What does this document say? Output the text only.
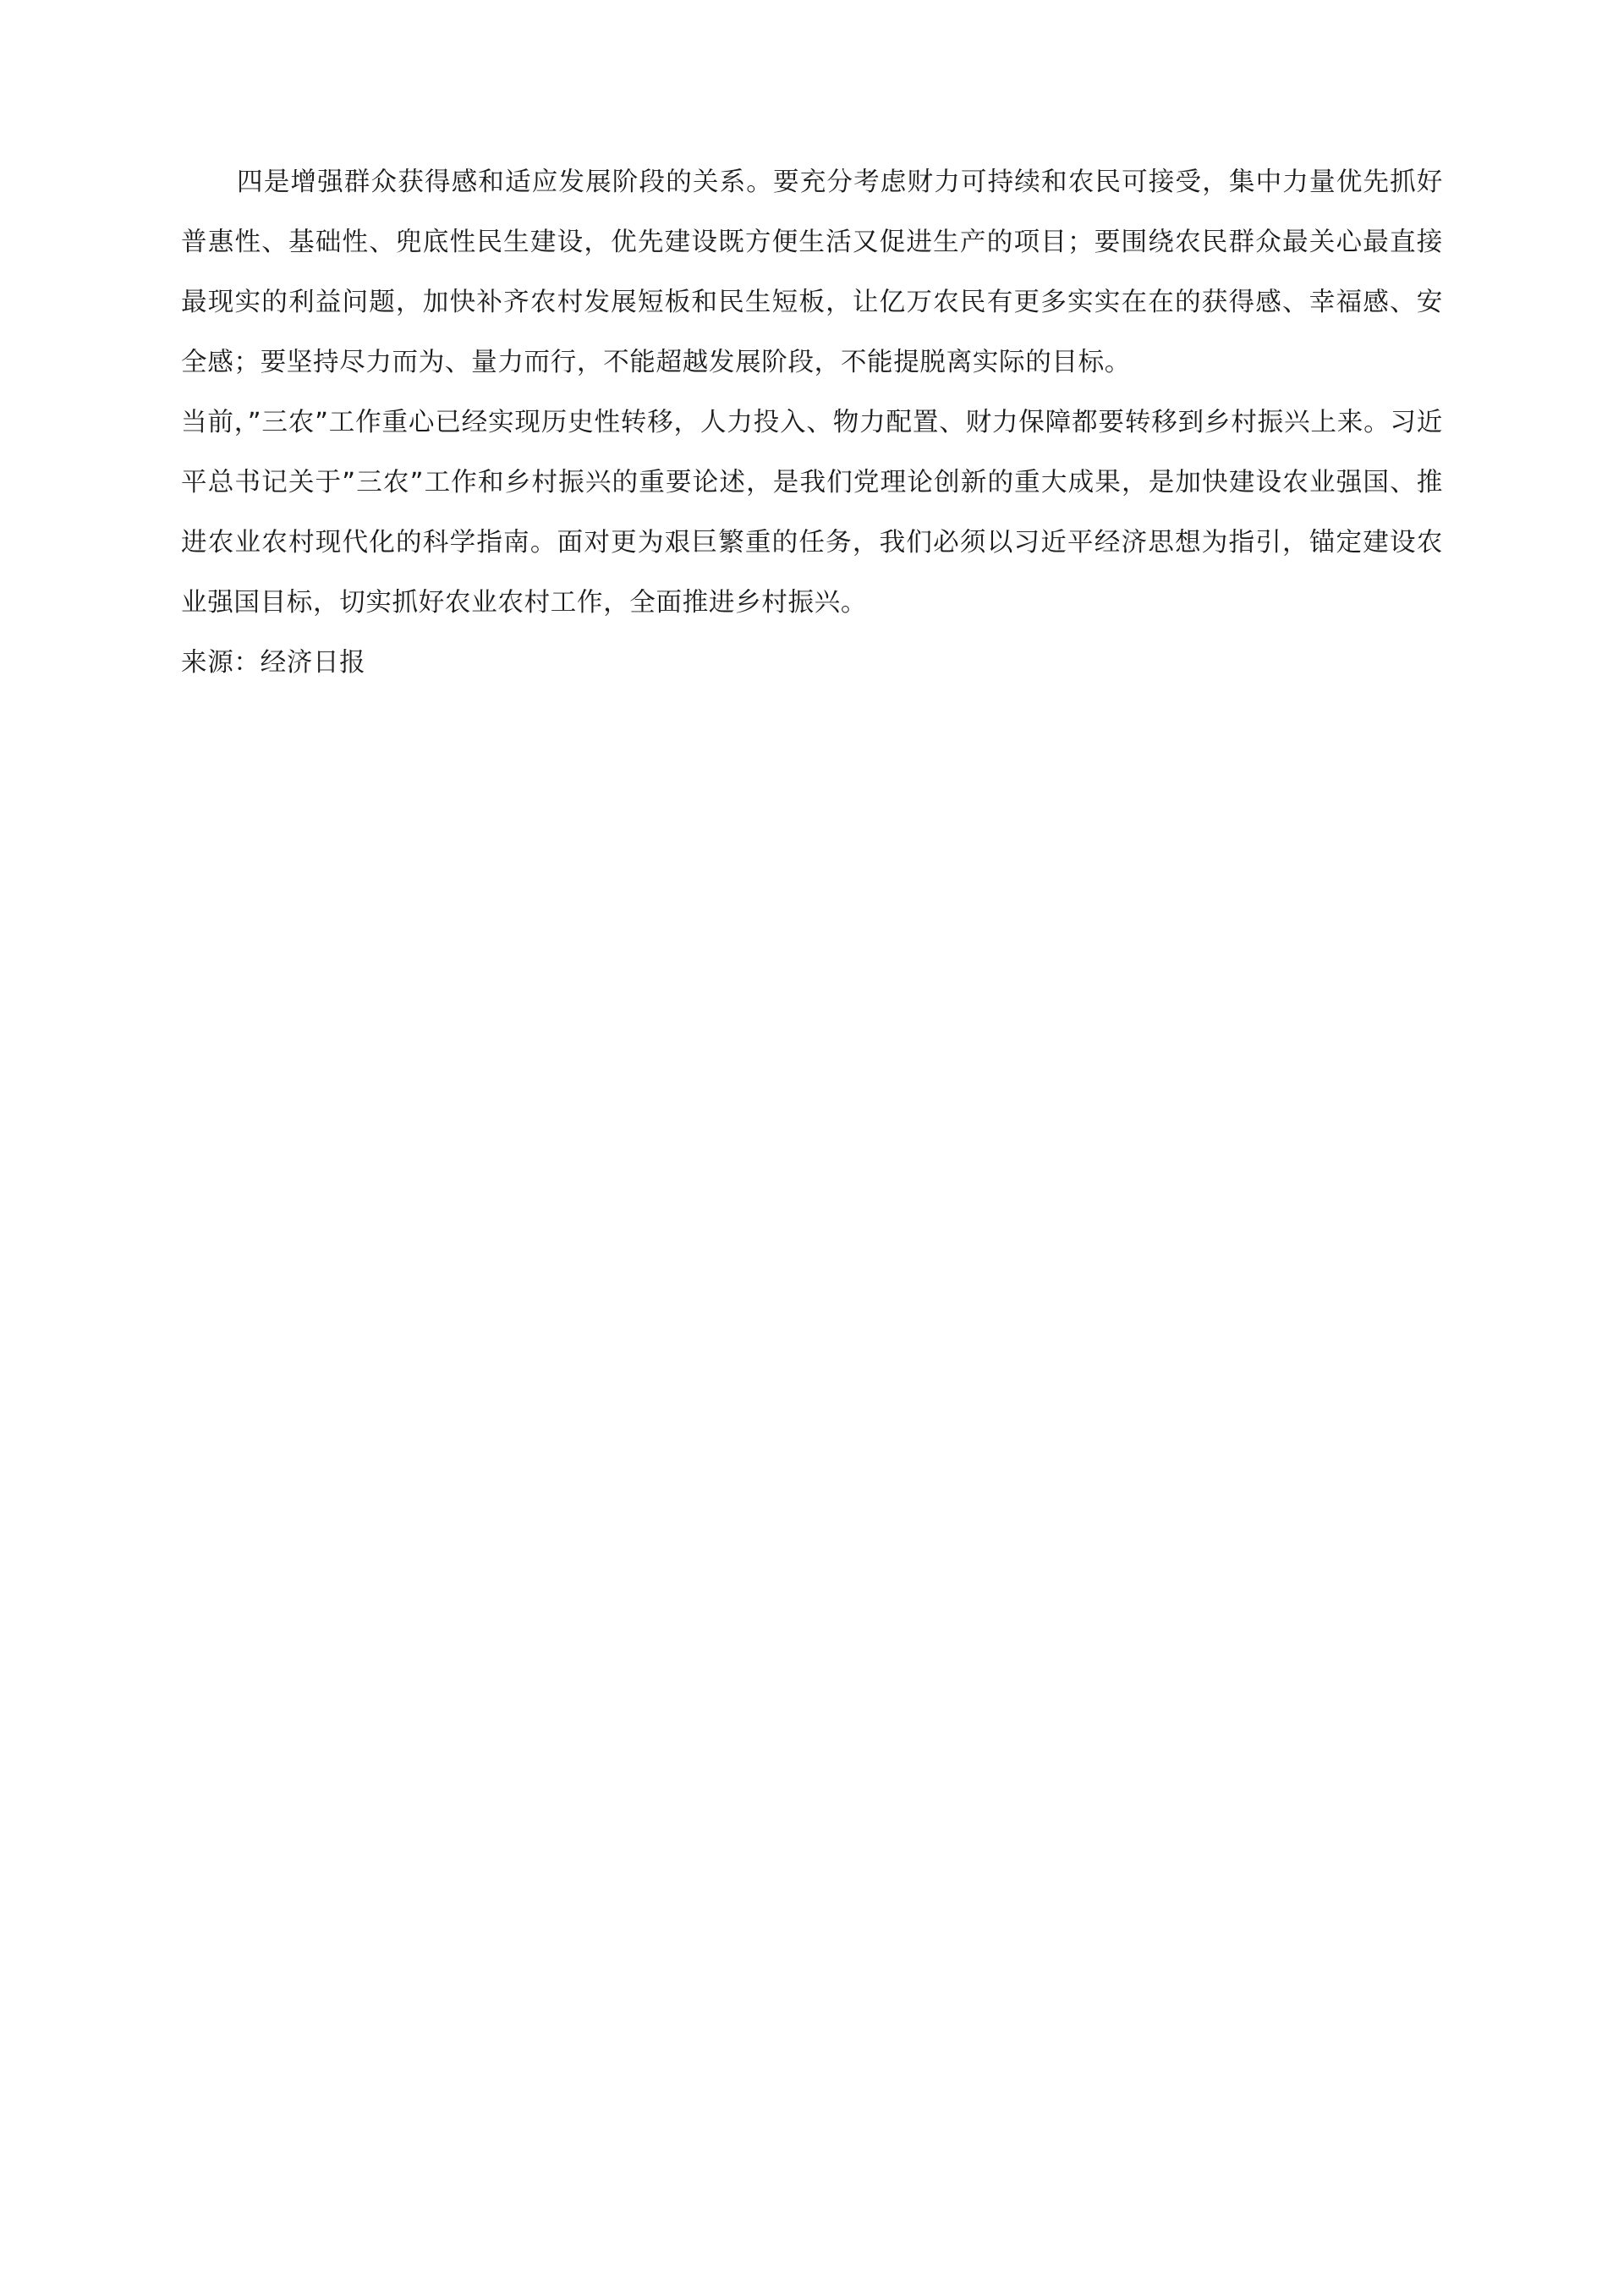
四是增强群众获得感和适应发展阶段的关系。要充分考虑财力可持续和农民可接受，集中力量优先抓好普惠性、基础性、兜底性民生建设，优先建设既方便生活又促进生产的项目；要围绕农民群众最关心最直接最现实的利益问题，加快补齐农村发展短板和民生短板，让亿万农民有更多实实在在的获得感、幸福感、安全感；要坚持尽力而为、量力而行，不能超越发展阶段，不能提脱离实际的目标。

当前，”三农”工作重心已经实现历史性转移，人力投入、物力配置、财力保障都要转移到乡村振兴上来。习近平总书记关于”三农”工作和乡村振兴的重要论述，是我们党理论创新的重大成果，是加快建设农业强国、推进农业农村现代化的科学指南。面对更为艰巨繁重的任务，我们必须以习近平经济思想为指引，锚定建设农业强国目标，切实抓好农业农村工作，全面推进乡村振兴。

来源：经济日报
